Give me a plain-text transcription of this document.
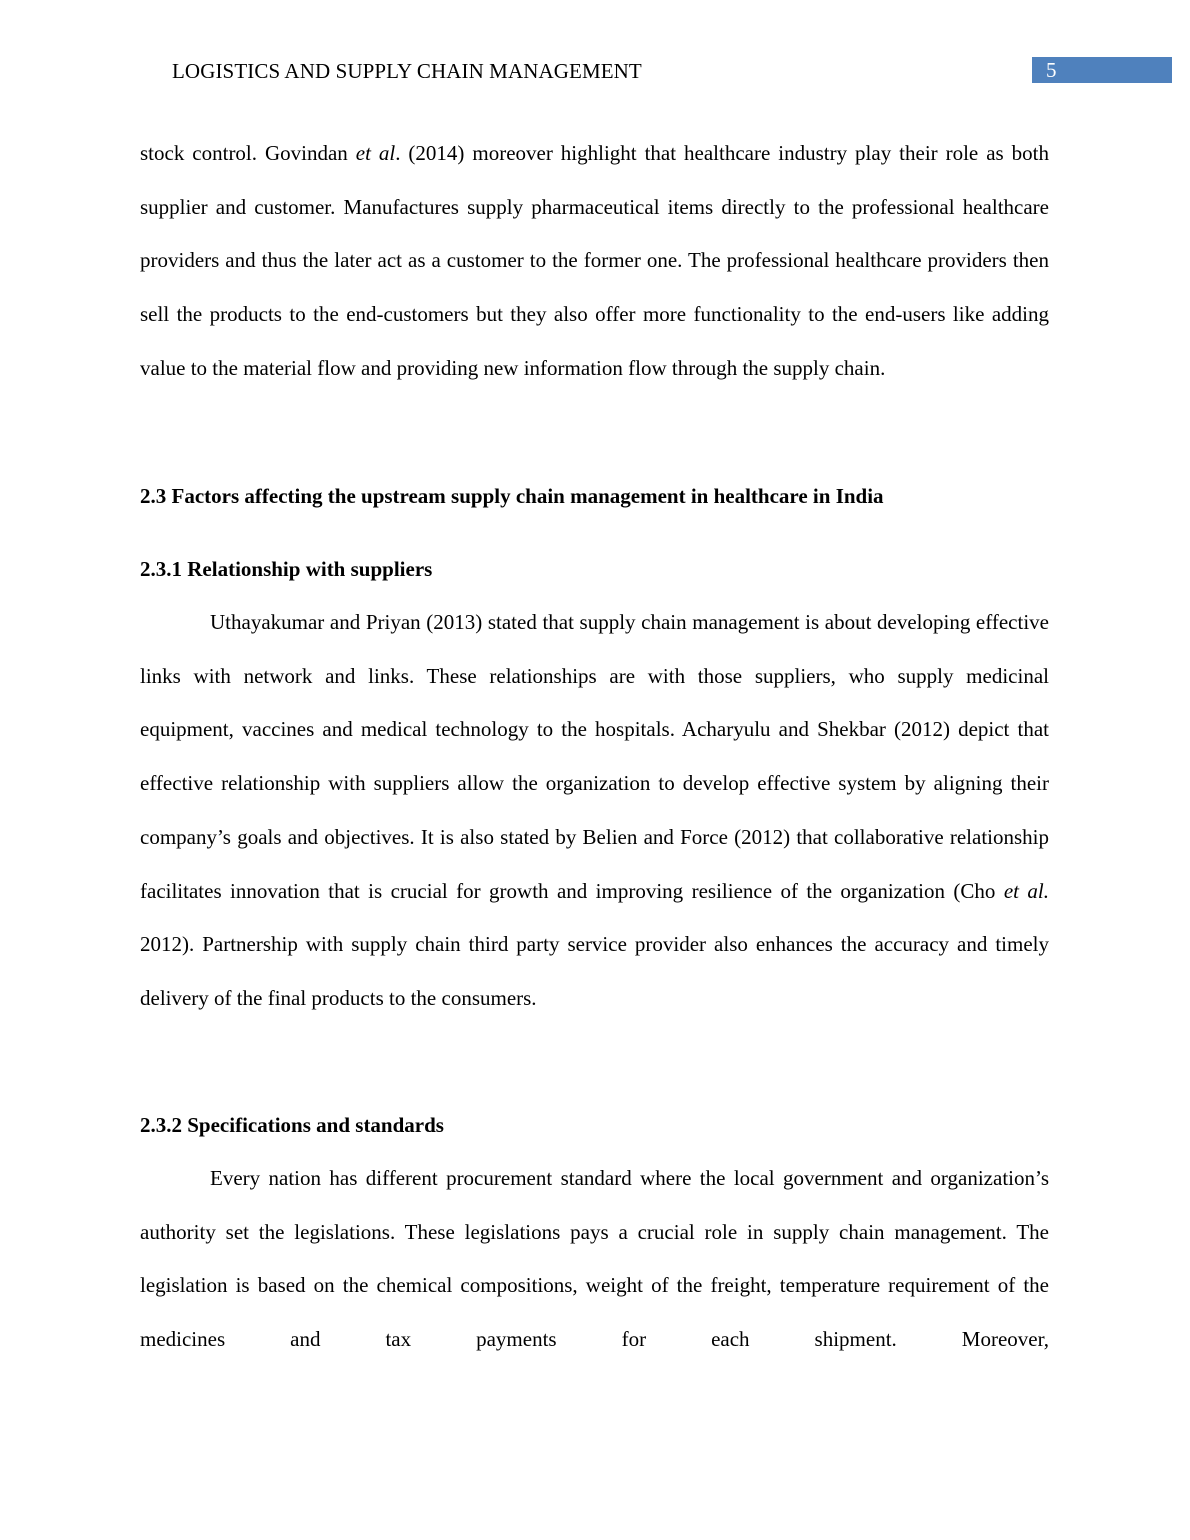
LOGISTICS AND SUPPLY CHAIN MANAGEMENT	5

stock control. Govindan et al. (2014) moreover highlight that healthcare industry play their role as both supplier and customer. Manufactures supply pharmaceutical items directly to the professional healthcare providers and thus the later act as a customer to the former one. The professional healthcare providers then sell the products to the end-customers but they also offer more functionality to the end-users like adding value to the material flow and providing new information flow through the supply chain.

2.3 Factors affecting the upstream supply chain management in healthcare in India
2.3.1 Relationship with suppliers

Uthayakumar and Priyan (2013) stated that supply chain management is about developing effective links with network and links. These relationships are with those suppliers, who supply medicinal equipment, vaccines and medical technology to the hospitals. Acharyulu and Shekbar (2012) depict that effective relationship with suppliers allow the organization to develop effective system by aligning their company’s goals and objectives. It is also stated by Belien and Force (2012) that collaborative relationship facilitates innovation that is crucial for growth and improving resilience of the organization (Cho et al. 2012). Partnership with supply chain third party service provider also enhances the accuracy and timely delivery of the final products to the consumers.

2.3.2 Specifications and standards

Every nation has different procurement standard where the local government and organization’s authority set the legislations. These legislations pays a crucial role in supply chain management. The legislation is based on the chemical compositions, weight of the freight, temperature requirement of the medicines and tax payments for each shipment. Moreover,
